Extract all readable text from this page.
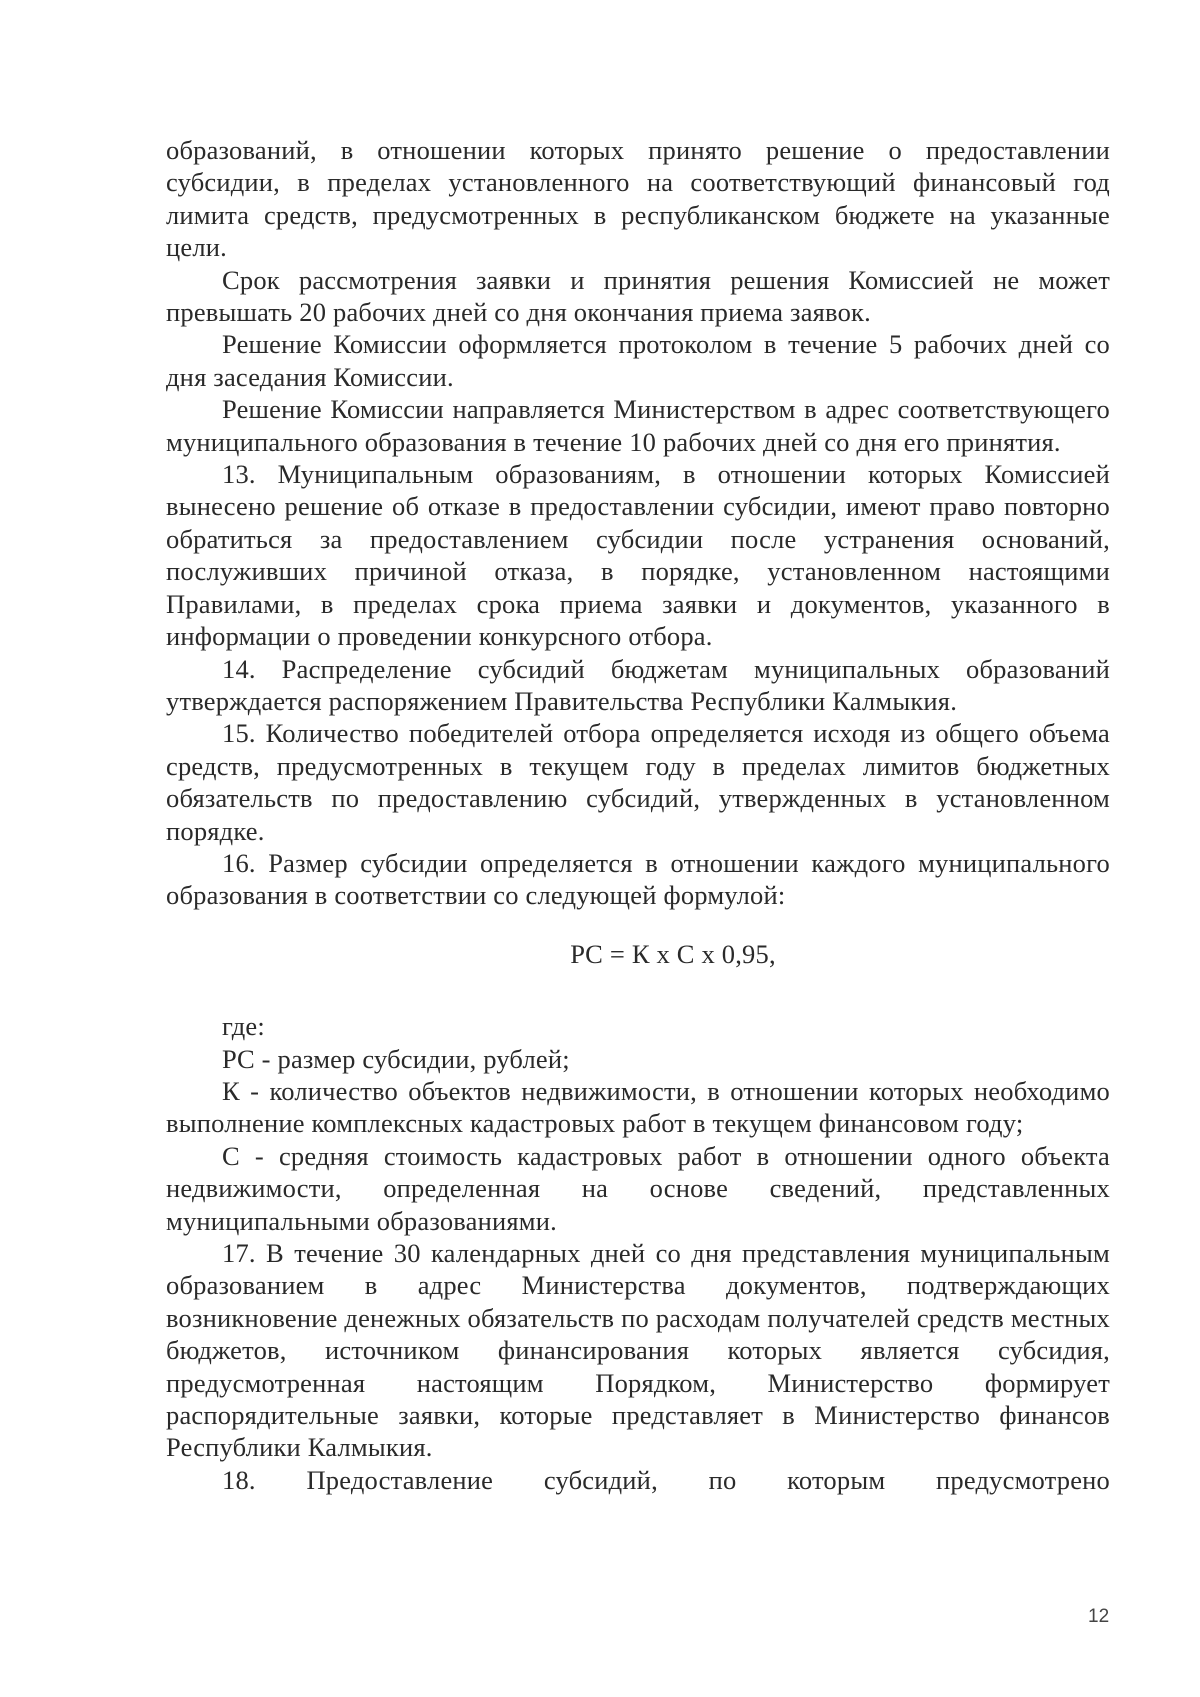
образований, в отношении которых принято решение о предоставлении субсидии, в пределах установленного на соответствующий финансовый год лимита средств, предусмотренных в республиканском бюджете на указанные цели.

Срок рассмотрения заявки и принятия решения Комиссией не может превышать 20 рабочих дней со дня окончания приема заявок.

Решение Комиссии оформляется протоколом в течение 5 рабочих дней со дня заседания Комиссии.

Решение Комиссии направляется Министерством в адрес соответствующего муниципального образования в течение 10 рабочих дней со дня его принятия.

13. Муниципальным образованиям, в отношении которых Комиссией вынесено решение об отказе в предоставлении субсидии, имеют право повторно обратиться за предоставлением субсидии после устранения оснований, послуживших причиной отказа, в порядке, установленном настоящими Правилами, в пределах срока приема заявки и документов, указанного в информации о проведении конкурсного отбора.

14. Распределение субсидий бюджетам муниципальных образований утверждается распоряжением Правительства Республики Калмыкия.

15. Количество победителей отбора определяется исходя из общего объема средств, предусмотренных в текущем году в пределах лимитов бюджетных обязательств по предоставлению субсидий, утвержденных в установленном порядке.

16. Размер субсидии определяется в отношении каждого муниципального образования в соответствии со следующей формулой:

PC = К x С x 0,95,

где:

PC - размер субсидии, рублей;

К - количество объектов недвижимости, в отношении которых необходимо выполнение комплексных кадастровых работ в текущем финансовом году;

С - средняя стоимость кадастровых работ в отношении одного объекта недвижимости, определенная на основе сведений, представленных муниципальными образованиями.

17. В течение 30 календарных дней со дня представления муниципальным образованием в адрес Министерства документов, подтверждающих возникновение денежных обязательств по расходам получателей средств местных бюджетов, источником финансирования которых является субсидия, предусмотренная настоящим Порядком, Министерство формирует распорядительные заявки, которые представляет в Министерство финансов Республики Калмыкия.

18. Предоставление субсидий, по которым предусмотрено

12
